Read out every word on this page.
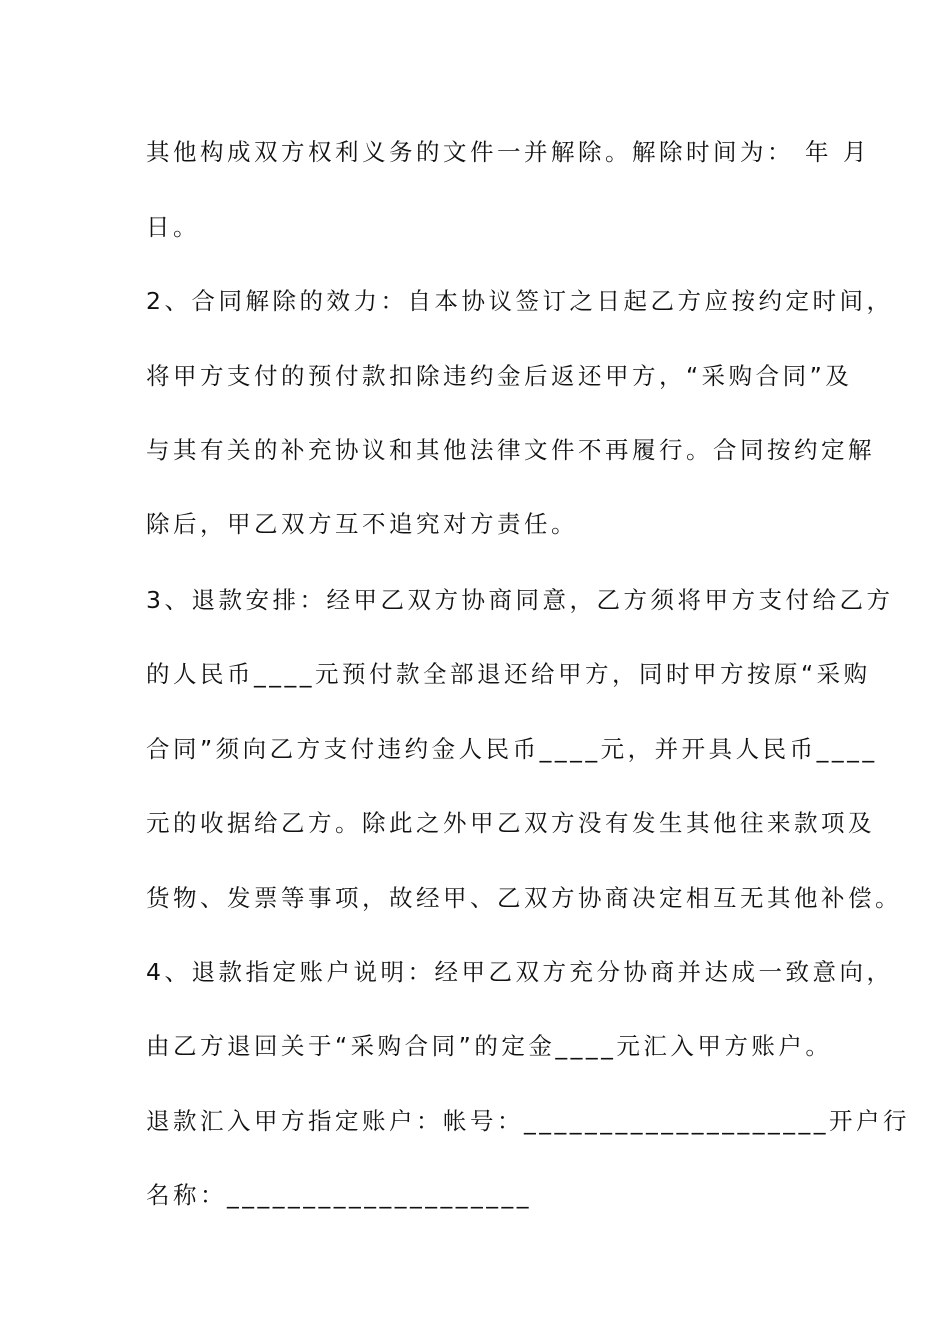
其他构成双方权利义务的文件一并解除。解除时间为： 年 月
日。
2、合同解除的效力：自本协议签订之日起乙方应按约定时间，
将甲方支付的预付款扣除违约金后返还甲方，“采购合同”及
与其有关的补充协议和其他法律文件不再履行。合同按约定解
除后，甲乙双方互不追究对方责任。
3、退款安排：经甲乙双方协商同意，乙方须将甲方支付给乙方
的人民币____元预付款全部退还给甲方，同时甲方按原“采购
合同”须向乙方支付违约金人民币____元，并开具人民币____
元的收据给乙方。除此之外甲乙双方没有发生其他往来款项及
货物、发票等事项，故经甲、乙双方协商决定相互无其他补偿。
4、退款指定账户说明：经甲乙双方充分协商并达成一致意向，
由乙方退回关于“采购合同”的定金____元汇入甲方账户。
退款汇入甲方指定账户：帐号：____________________开户行
名称：____________________
